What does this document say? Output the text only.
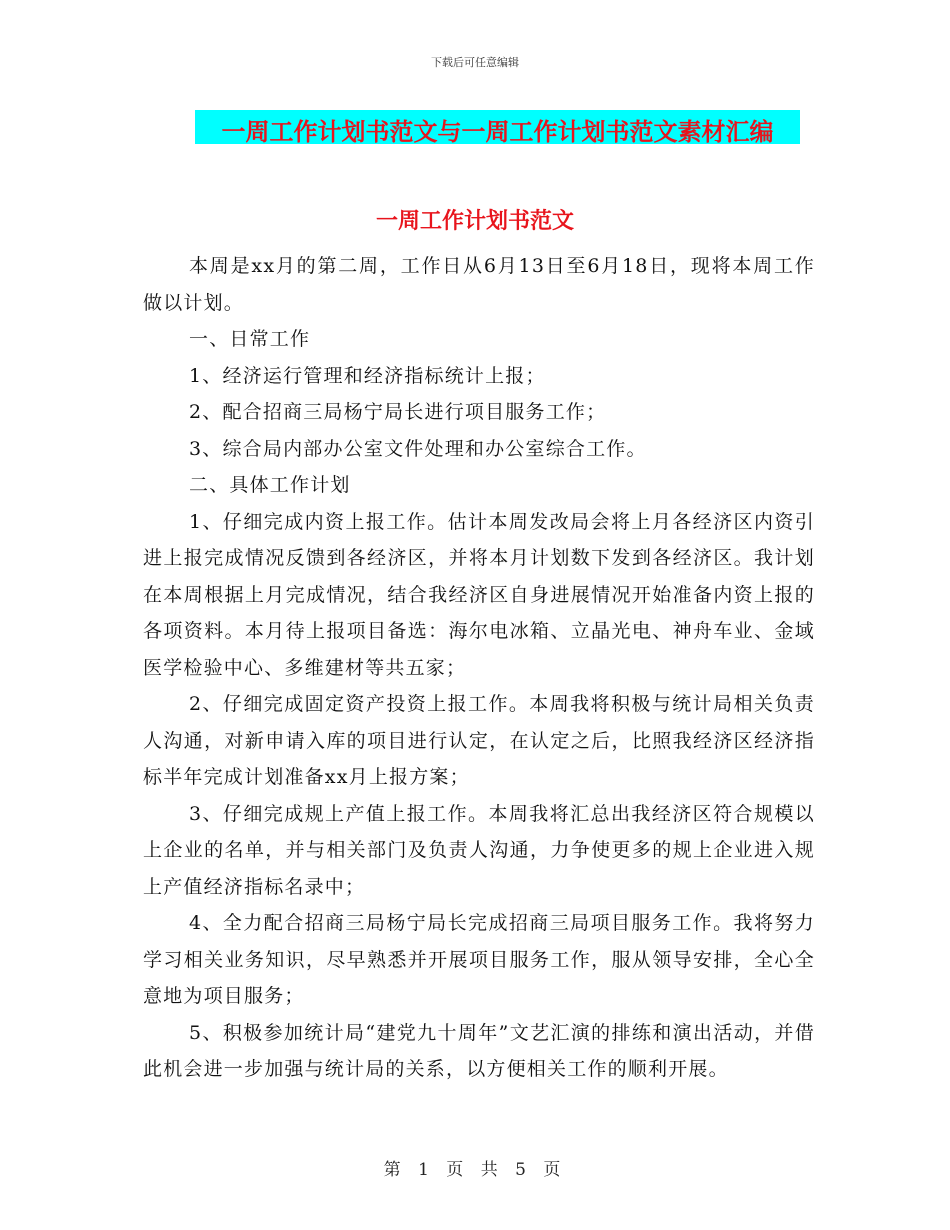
下载后可任意编辑
一周工作计划书范文与一周工作计划书范文素材汇编
一周工作计划书范文

本周是xx月的第二周，工作日从6月13日至6月18日，现将本周工作做以计划。

一、日常工作

1、经济运行管理和经济指标统计上报；

2、配合招商三局杨宁局长进行项目服务工作；

3、综合局内部办公室文件处理和办公室综合工作。

二、具体工作计划

1、仔细完成内资上报工作。估计本周发改局会将上月各经济区内资引进上报完成情况反馈到各经济区，并将本月计划数下发到各经济区。我计划在本周根据上月完成情况，结合我经济区自身进展情况开始准备内资上报的各项资料。本月待上报项目备选：海尔电冰箱、立晶光电、神舟车业、金域医学检验中心、多维建材等共五家；

2、仔细完成固定资产投资上报工作。本周我将积极与统计局相关负责人沟通，对新申请入库的项目进行认定，在认定之后，比照我经济区经济指标半年完成计划准备xx月上报方案；

3、仔细完成规上产值上报工作。本周我将汇总出我经济区符合规模以上企业的名单，并与相关部门及负责人沟通，力争使更多的规上企业进入规上产值经济指标名录中；

4、全力配合招商三局杨宁局长完成招商三局项目服务工作。我将努力学习相关业务知识，尽早熟悉并开展项目服务工作，服从领导安排，全心全意地为项目服务；

5、积极参加统计局“建党九十周年”文艺汇演的排练和演出活动，并借此机会进一步加强与统计局的关系，以方便相关工作的顺利开展。

第 1 页 共 5 页
